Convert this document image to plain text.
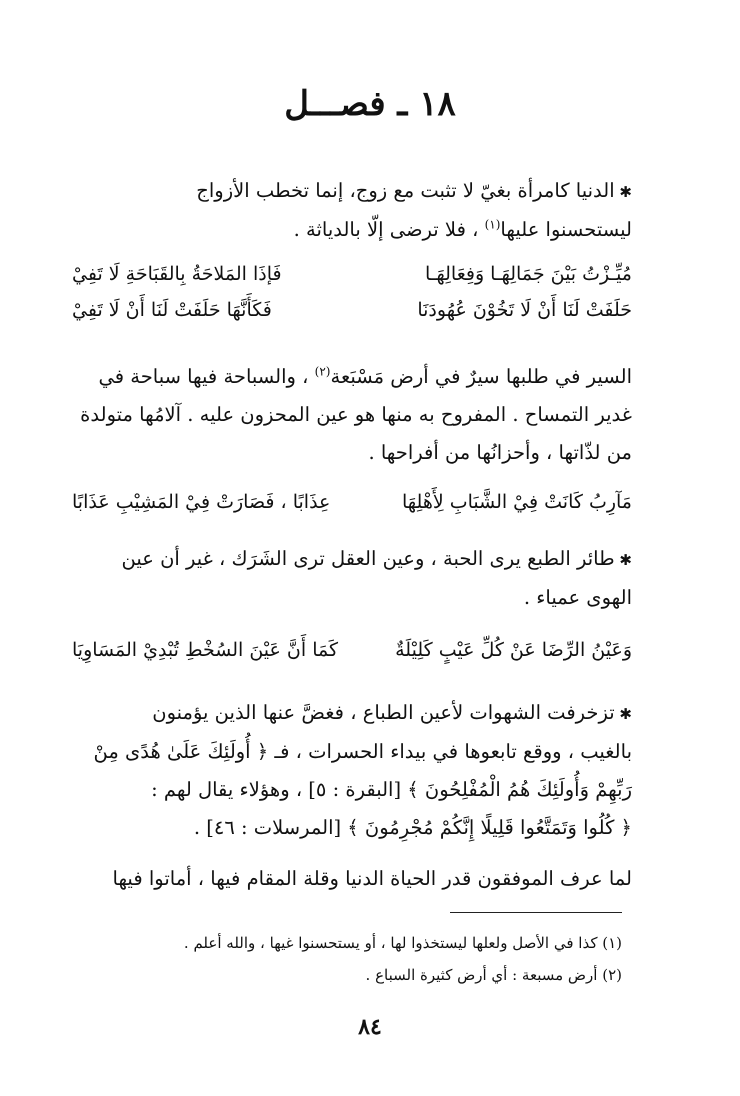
١٨ ـ فصـــل
✱ الدنيا كامرأة بغيّ لا تثبت مع زوج، إنما تخطب الأزواج
ليستحسنوا عليها$^{(١)}$ ، فلا ترضى إلّا بالدياثة .
مُيِّـزْتُ بَيْنَ جَمَالِهَـا وَفِعَالِهَـا
فَإذَا المَلاحَةُ بِالقَبَاحَةِ لَا تَفِيْ
حَلَفَتْ لَنَا أَنْ لَا تَخُوْنَ عُهُودَنَا
فَكَأَنَّهَا حَلَفَتْ لَنَا أَنْ لَا تَفِيْ
السير في طلبها سيرٌ في أرض مَسْبَعة$^{(٢)}$ ، والسباحة فيها سباحة في
غدير التمساح . المفروح به منها هو عين المحزون عليه . آلامُها متولدة
من لذّاتها ، وأحزانُها من أفراحها .
مَآرِبُ كَانَتْ فِيْ الشَّبَابِ لِأَهْلِهَا
عِذَابًا ، فَصَارَتْ فِيْ المَشِيْبِ عَذَابًا
✱ طائر الطبع يرى الحبة ، وعين العقل ترى الشَرَك ، غير أن عين
الهوى عمياء .
وَعَيْنُ الرِّضَا عَنْ كُلِّ عَيْبٍ كَلِيْلَةٌ
كَمَا أَنَّ عَيْنَ السُخْطِ تُبْدِيْ المَسَاوِيَا
✱ تزخرفت الشهوات لأعين الطباع ، فغضَّ عنها الذين يؤمنون
بالغيب ، ووقع تابعوها في بيداء الحسرات ، فـ ﴿ أُولَئِكَ عَلَىٰ هُدًى مِنْ
رَبِّهِمْ وَأُولَئِكَ هُمُ الْمُفْلِحُونَ ﴾ [البقرة : ٥] ، وهؤلاء يقال لهم :
﴿ كُلُوا وَتَمَتَّعُوا قَلِيلًا إِنَّكُمْ مُجْرِمُونَ ﴾ [المرسلات : ٤٦] .
لما عرف الموفقون قدر الحياة الدنيا وقلة المقام فيها ، أماتوا فيها
(١) كذا في الأصل ولعلها ليستخذوا لها ، أو يستحسنوا غيها ، والله أعلم .
(٢) أرض مسبعة : أي أرض كثيرة السباع .
٨٤
